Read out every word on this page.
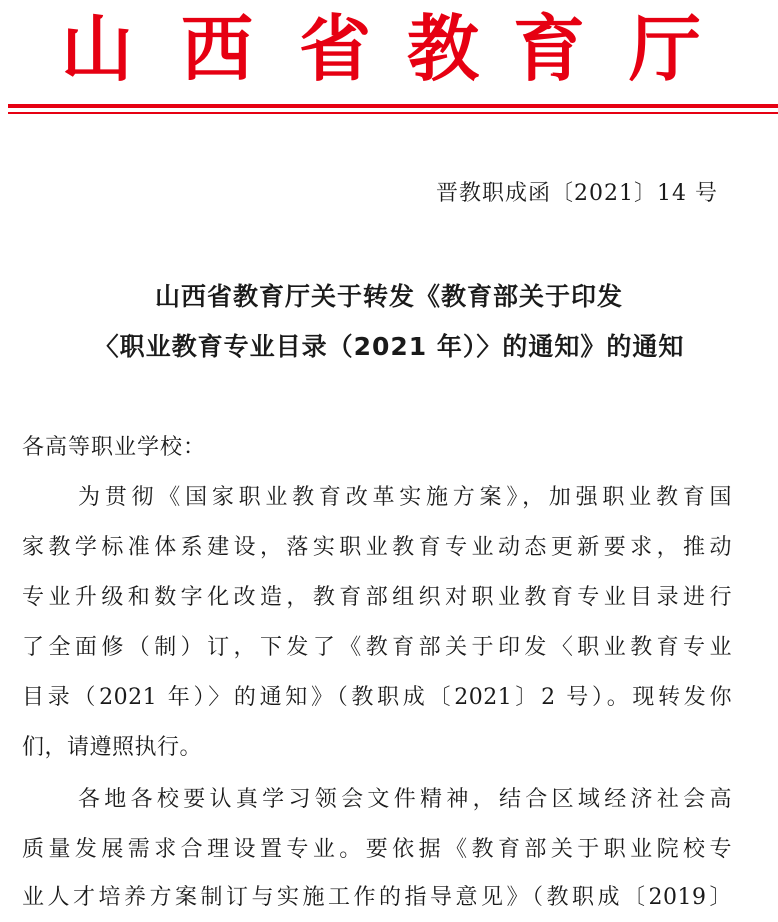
山 西 省 教 育 厅
晋教职成函〔2021〕14 号
山西省教育厅关于转发《教育部关于印发
〈职业教育专业目录（2021 年）〉的通知》的通知
各高等职业学校：
为贯彻《国家职业教育改革实施方案》，加强职业教育国
家教学标准体系建设，落实职业教育专业动态更新要求，推动
专业升级和数字化改造，教育部组织对职业教育专业目录进行
了全面修（制）订，下发了《教育部关于印发〈职业教育专业
目录（2021 年）〉的通知》（教职成〔2021〕2 号）。现转发你
们，请遵照执行。
各地各校要认真学习领会文件精神，结合区域经济社会高
质量发展需求合理设置专业。要依据《教育部关于职业院校专
业人才培养方案制订与实施工作的指导意见》（教职成〔2019〕
